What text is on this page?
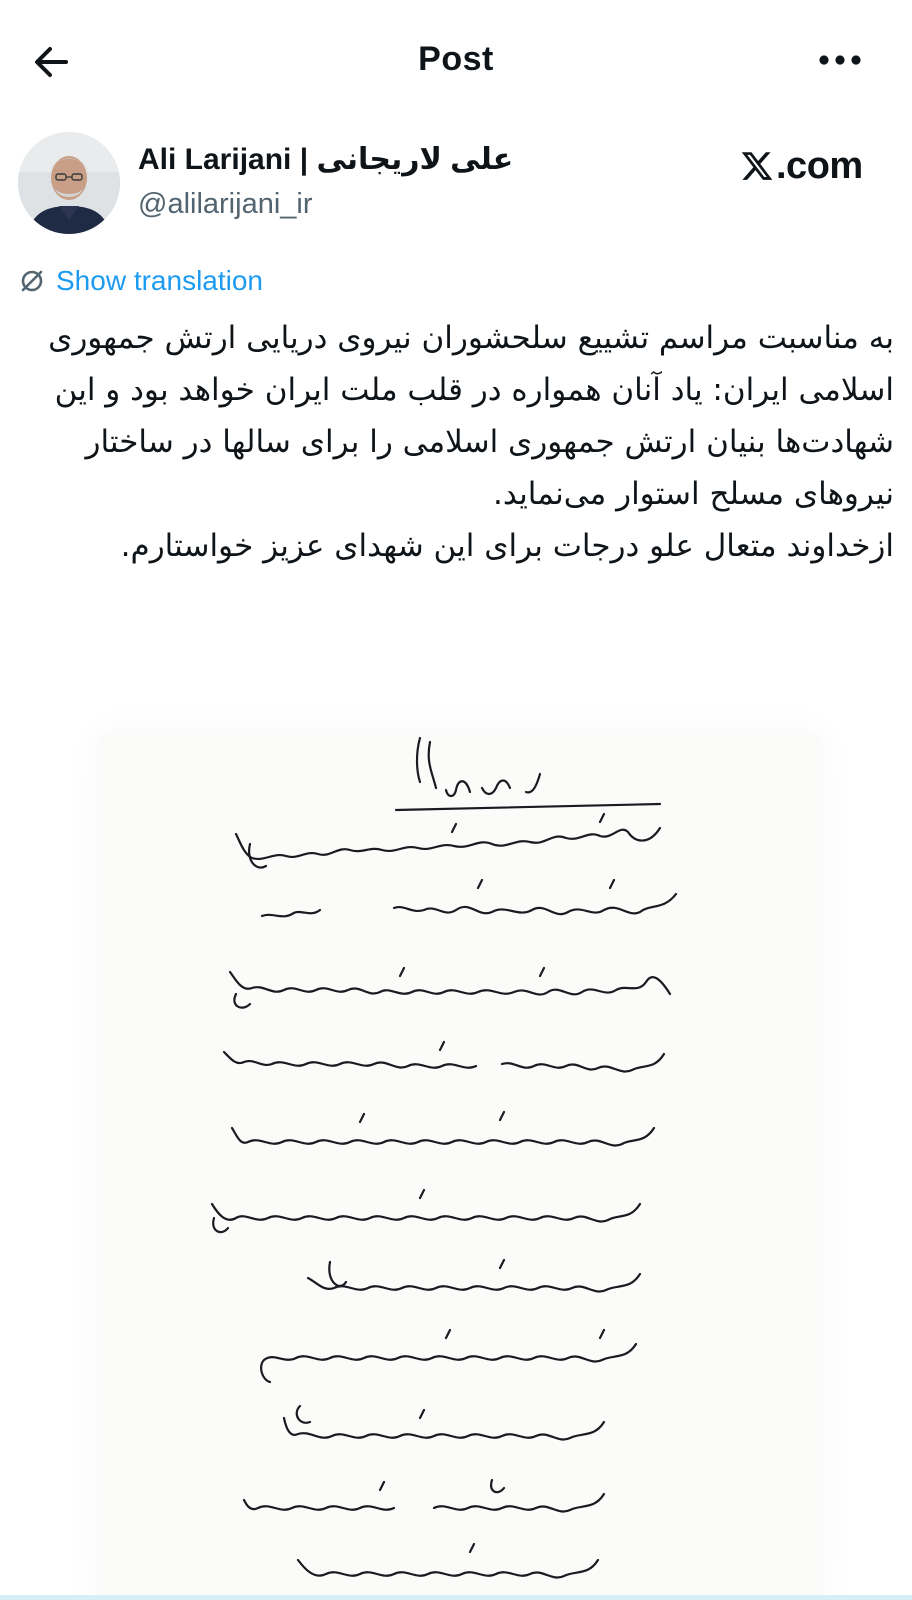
Post
Ali Larijani | علی لاریجانی
@alilarijani_ir
.com
Show translation

به مناسبت مراسم تشییع سلحشوران نیروی دریایی ارتش جمهوری اسلامی ایران: یاد آنان همواره در قلب ملت ایران خواهد بود و این شهادت‌ها بنیان ارتش جمهوری اسلامی را برای سالها در ساختار نیروهای مسلح استوار می‌نماید.

ازخداوند متعال علو درجات برای این شهدای عزیز خواستارم.
